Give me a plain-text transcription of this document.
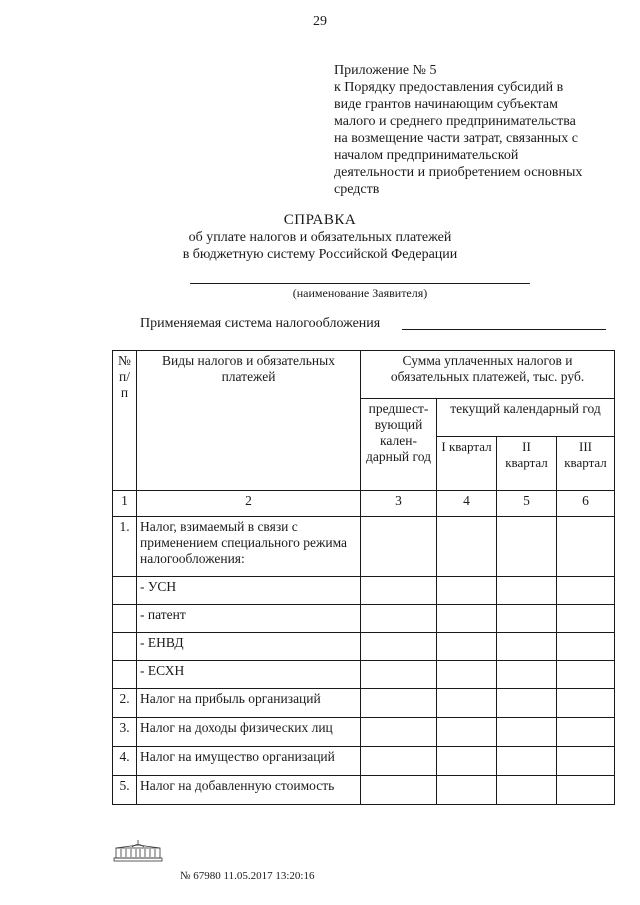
29
Приложение № 5
к Порядку предоставления субсидий в
виде грантов начинающим субъектам
малого и среднего предпринимательства
на возмещение части затрат, связанных с
началом предпринимательской
деятельности и приобретением основных
средств
СПРАВКА
об уплате налогов и обязательных платежей
в бюджетную систему Российской Федерации
(наименование Заявителя)
Применяемая система налогообложения
№ п/п	Виды налогов и обязательных платежей	Сумма уплаченных налогов и обязательных платежей, тыс. руб.			
		предшест-вующий кален-дарный год	текущий календарный год		
			I квартал	II квартал	III квартал
1	2	3	4	5	6
1.	Налог, взимаемый в связи с применением специального режима налогообложения:				
	- УСН				
	- патент				
	- ЕНВД				
	- ЕСХН				
2.	Налог на прибыль организаций				
3.	Налог на доходы физических лиц				
4.	Налог на имущество организаций				
5.	Налог на добавленную стоимость				
№ 67980 11.05.2017 13:20:16
